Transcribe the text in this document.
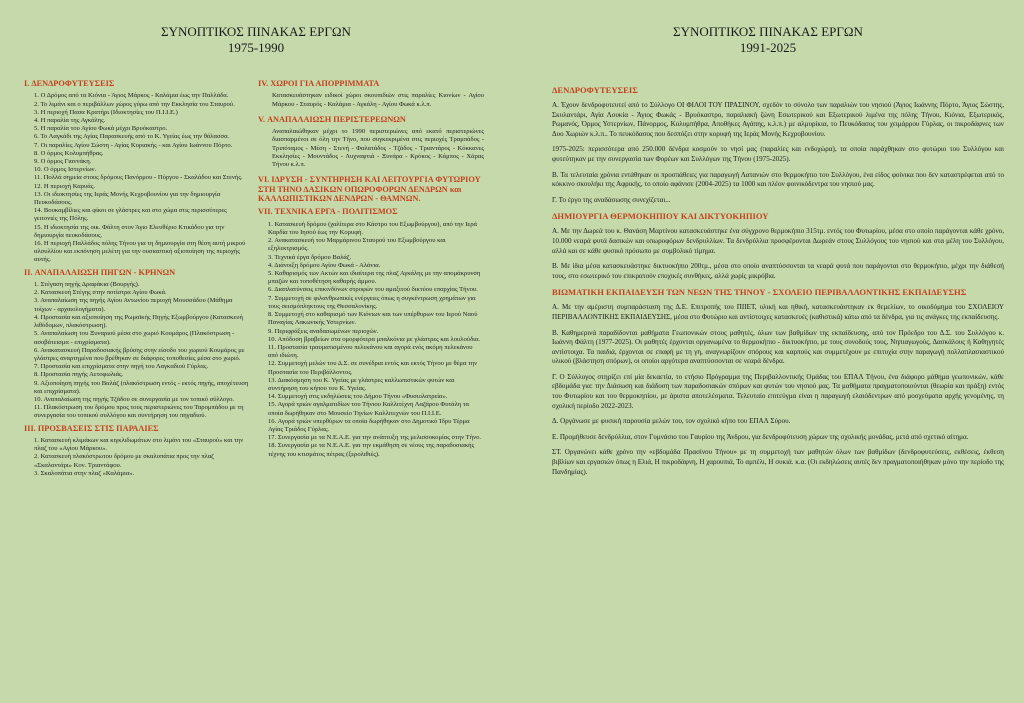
ΣΥΝΟΠΤΙΚΟΣ ΠΙΝΑΚΑΣ ΕΡΓΩΝ
1975-1990
I. ΔΕΝΔΡΟΦΥΤΕΥΣΕΙΣ
1. Ο Δρόμος από τα Κιόνια - Άγιος Μάρκος - Καλάμια έως την Παλλάδα.
2. Το λιμάνι και ο περιβάλλων χώρος γύρω από την Εκκλησία του Σταυρού.
3. Η περιοχή Πασα Κρατήρι (Ιδιοκτησίες του Π.Ι.Ι.Ε.)
4. Η παραλία της Αγκάλης.
5. Η παραλία του Αγίου Φωκά μέχρι Βρυόκαστρο.
6. Το Λαγκάδι της Αγίας Παρασκευής από το Κ. Υγείας έως την θάλασσα.
7. Οι παραλίες Αγίου Σώστη - Αγίας Κυριακής - και Αγίου Ιωάννου Πόρτο.
8. Ο όρμος Κολυμπήθρας.
9. Ο όρμος Γιαννάκη.
10. Ο όρμος Ιστερνίων.
11. Πολλά σημεία στους δρόμους Πανόρμου - Πύργου - Σκαλάδου και Στενής.
12. Η περιοχή Καρυάς.
13. Οι ιδιοκτησίες της Ιεράς Μονής Κεχροβουνίου για την δημιουργία Πευκοδάσους.
14. Βουκαμβίλιες και φίκοι σε γλάστρες και στο χώμα στις περισσότερες γειτονιές της Πόλης.
15. Η ιδιοκτησία της οικ. Φάλτη στον Άγιο Ελευθέριο Κτικάδου για την δημιουργία πευκοδάσους.
16. Η περιοχή Παλλάδος πόλης Τήνου για τη δημιουργία στη θέση αυτή μικρού αλσυλλίου και εκπόνηση μελέτη για την ουσιαστική αξιοποίηση της περιοχής αυτής.
II. ΑΝΑΠΑΛΑΙΩΣΗ ΠΗΓΩΝ - ΚΡΗΝΩΝ
1. Στέγαση πηγής Δραφάκια (Βουργής).
2. Κατασκευή Στέγης στην ποτίστρα Αγίου Φωκά.
3. Αναπαλαίωση της πηγής Αγίου Αντωνίου περιοχή Μουσσάδου (Μάθημα τοίχων - αρχαιολογήματα).
4. Προστασία και αξιοποίηση της Ρωμαϊκής Πηγής Εξωμβούργου (Κατασκευή λιθόδομων, πλακόστρωση).
5. Αναπαλαίωση του Ξυναριού μέσα στο χωριό Κουμάρος (Πλακόστρωση - ασοβάτεισμα - επιχρίσματα).
6. Ανακατασκευή Παραδοσιακής βρύσης στην είσοδο του χωριού Κουμάρος με γλάστρες αναρτημένα που βρέθηκαν σε διάφορες τοποθεσίες μέσα στο χωριό.
7. Προστασία και επιχρίσματα στην πηγή του Λαγκαδιού Γύρλας.
8. Προστασία πηγής Αετοφωλιάς.
9. Αξιοποίηση πηγής του Βαλάζ (πλακόστρωση εντός - εκτός πηγής, αποχέτευση και επιχρίσματα).
10. Αναπαλαίωση της πηγής Τζάδου σε συνεργασία με τον τοπικό σύλλογο.
11. Πλακόστρωση του δρόμου προς τους περιστεριώνες του Ταρομπάδου με τη συνεργασία του τοπικού συλλόγου και συντήρηση του πηγαδιού.
III. ΠΡΟΣΒΑΣΕΙΣ ΣΤΙΣ ΠΑΡΑΛΙΕΣ
1. Κατασκευή κλιμάκων και κιγκλιδωμάτων στο λιμάνι του «Σταυρού» και την πλαζ του «Αγίου Μάρκου».
2. Κατασκευή πλακόστρωτου δρόμου με σκαλοπάτια προς την πλαζ «Σκαλαντάρι» Κον. Τριαντάφου.
3. Σκαλοπάτια στην πλαζ «Καλάμια».
IV. ΧΩΡΟΙ ΓΙΑ ΑΠΟΡΡΙΜΜΑΤΑ
Κατασκευάστηκαν ειδικοί χώροι σκουπιδιών στις παραλίες Κιονίων - Αγίου Μάρκου - Σταυρός - Καλάμια - Αγκάλη - Αγίου Φωκά κ.λ.π.
V. ΑΝΑΠΑΛΑΙΩΣΗ ΠΕΡΙΣΤΕΡΕΩΝΩΝ
Αναπαλαιώθηκαν μέχρι το 1990 περιστεριώνες από εκατό περιστεριώνες διασπαρμένοι σε όλη την Τήνο, που συγκεκριμένα στις περιοχές Τραμπάδος - Τριπόταμος - Μέση - Στενή - Φαλατάδος - Τζάδος - Τριαντάρος - Κόκκανες Εκκλησίες - Μουντάδος - Λυχναφτιά - Ξυνάρα - Κρόκος - Κάμπος - Χάρας Τήνου κ.λ.π.
VI. ΙΔΡΥΣΗ - ΣΥΝΤΗΡΗΣΗ ΚΑΙ ΛΕΙΤΟΥΡΓΙΑ ΦΥΤΩΡΙΟΥ ΣΤΗ ΤΗΝΟ ΔΑΣΙΚΩΝ ΟΠΩΡΟΦΟΡΩΝ ΔΕΝΔΡΩΝ και ΚΑΛΛΩΠΙΣΤΙΚΩΝ ΔΕΝΔΡΩΝ - ΘΑΜΝΩΝ.
VII. ΤΕΧΝΙΚΑ ΕΡΓΑ - ΠΟΛΙΤΙΣΜΟΣ
1. Κατασκευή δρόμου (χαλίτερα στο Κάστρο του Εξωμβούργου), από την Ιερά Καρδία του Ιησού έως την Κορυφή.
2. Ανακατασκευή του Μαρμάρινου Σταυρού του Εξωμβούργου και εξηλεκτρισμός.
3. Τεχνικά έργα δρόμου Βαλάζ.
4. Διάνοιξη δρόμου Αγίου Φωκά - Αλάνια.
5. Καθαρισμός των Ακτών και ιδιαίτερα της πλαζ Αγκάλης με την απομάκρυνση μπαζών και τοποθέτηση καθαρής άμμου.
6. Διαπλατύνσεις επικινδύνων στροφών του αμαξιτού δικτύου επαρχίας Τήνου.
7. Συμμετοχή σε φιλανθρωπικές ενέργειες όπως η συγκέντρωση χρημάτων για τους σεισμόπληκτους της Θεσσαλονίκης.
8. Συμμετοχή στο καθαρισμό των Κιόνιων και των υπέρθυρων του Ιερού Ναού Παναγίας Λακωνικής Υστερνίων.
9. Περιφράξεις αναδασωμένων περιοχών.
10. Απόδοση βραβείων στα ομορφότερα μπαλκόνια με γλάστρες και λουλούδια.
11. Προστασία τραυματισμένου πελεκάνου και αγορά ενός ακόμη πελεκάνου από ιδιώτη.
12. Συμμετοχή μελών του Δ.Σ. σε συνέδρια εντός και εκτός Τήνου με θέμα την Προστασία του Περιβάλλοντος.
13. Διακόσμηση του Κ. Υγείας με γλάστρες καλλωπιστικών φυτών και συντήρηση του κήπου του Κ. Υγείας.
14. Συμμετοχή στις εκδηλώσεις του Δήμου Τήνου «Φυσιολατρεία».
15. Αγορά τριών αγαλματιδίων του Τήνιου Καλλιτέχνη Λαζάρου Φυτάλη τα οποία δωρήθηκαν στο Μουσείο Τηνίων Καλλιτεχνών του Π.Ι.Ι.Ε.
16. Αγορά τριών υπερθύρων τα οποία δωρήθηκαν στο Δημοτικό Ίδρυ Τέρμα Αγίας Τριάδος Γύρλας.
17. Συνεργασία με τα Ν.Ε.Α.Ε. για την ανάπτυξη της μελισσοκομίας στην Τήνο.
18. Συνεργασία με τα Ν.Ε.Α.Ε. για την εκμάθηση σε νέους της παραδοσιακής τέχνης του κτισμάτος πέτρας (ξερολιθιές).
ΣΥΝΟΠΤΙΚΟΣ ΠΙΝΑΚΑΣ ΕΡΓΩΝ
1991-2025
ΔΕΝΔΡΟΦΥΤΕΥΣΕΙΣ
Α. Έχουν δενδροφυτευτεί από το Σύλλογο ΟΙ ΦΙΛΟΙ ΤΟΥ ΠΡΑΣΙΝΟΥ, σχεδόν το σύνολο των παραλιών του νησιού (Άγιος Ιωάννης Πόρτο, Άγιος Σώστης, Σκυλαντάρι, Αγία Λουκία - Άγιος Φωκάς - Βρυόκαστρο, παραλιακή ζώνη Εσωτερικού και Εξωτερικού λιμένα της πόλης Τήνου, Κιόνια, Εξωτερικός, Ρωμανός, Όρμος Υστερνίων, Πάνορμος, Κολυμπήθρα, Αποθήκες Αγάπης, κ.λ.π.) με αλμυρίκια, το Πευκόδασος του χειμάρρου Γύρλας, οι πικροδάφνες των Δυο Χωριών κ.λ.π.. Το πευκόδασος που δεσπόζει στην κορυφή της Ιεράς Μονής Κεχροβουνίου.
1975-2025: περισσότερα από 250.000 δένδρα κοσμούν το νησί μας (παραλίες και ενδοχώρα), τα οποία παράχθηκαν στο φυτώριο του Συλλόγου και φυτεύτηκαν με την συνεργασία των Φορέων και Συλλόγων της Τήνου (1975-2025).
Β. Τα τελευταία χρόνια εντάθηκαν οι προσπάθειες για παραγωγή Λατανιών στο θερμοκήπιο του Συλλόγου, ένα είδος φοίνικα που δεν καταστρέφεται από το κόκκινο σκουλήκι της Αφρικής, το οποίο αφάνισε (2004-2025) τα 1000 και πλέον φοινικόδεντρα του νησιού μας.
Γ. Το έργο της αναδάσωσης συνεχίζεται...
ΔΗΜΙΟΥΡΓΙΑ ΘΕΡΜΟΚΗΠΙΟΥ ΚΑΙ ΔΙΚΤΥΟΚΗΠΙΟΥ
Α. Με την Δωρεά του κ. Θανάση Μαρτίνου κατασκευάστηκε ένα σύγχρονο θερμοκήπιο 315τμ. εντός του Φυτωρίου, μέσα στο οποίο παράγονται κάθε χρόνο, 10.000 νεαρά φυτά δασικών και οπωροφόρων δενδρυλλίων. Τα δενδρύλλια προσφέρονται Δωρεάν στους Συλλόγους του νησιού και στα μέλη του Συλλόγου, αλλά και σε κάθε φυσικό πρόσωπο με συμβολικό τίμημα.
Β. Με ίδια μέσα κατασκευάστηκε δικτυοκήπιο 200τμ., μέσα στο οποίο αναπτύσσονται τα νεαρά φυτά που παράγονται στο θερμοκήπιο, μέχρι την διάθεσή τους, στο εσωτερικό του επικρατούν εποχικές συνθήκες, αλλά χωρίς μικρόβια.
ΒΙΩΜΑΤΙΚΗ ΕΚΠΑΙΔΕΥΣΗ ΤΩΝ ΝΕΩΝ ΤΗΣ ΤΗΝΟΥ - ΣΧΟΛΕΙΟ ΠΕΡΙΒΑΛΛΟΝΤΙΚΗΣ ΕΚΠΑΙΔΕΥΣΗΣ
Α. Με την αμέριστη συμπαράσταση της Δ.Ε. Επιτροπής του ΠΙΙΕΤ, υλική και ηθική, κατασκευάστηκαν εκ θεμελίων, το οικοδόμημα του ΣΧΟΛΕΙΟΥ ΠΕΡΙΒΑΛΛΟΝΤΙΚΗΣ ΕΚΠΑΙΔΕΥΣΗΣ, μέσα στο Φυτώριο και αντίστοιχες κατασκευές (καθιστικά) κάτω από τα δένδρα, για τις ανάγκες της εκπαίδευσης.
Β. Καθημερινά παραδίδονται μαθήματα Γεωπονικών στους μαθητές, όλων των βαθμίδων της εκπαίδευσης, από τον Πρόεδρο του Δ.Σ. του Συλλόγου κ. Ιωάννη Φάλτη (1977-2025). Οι μαθητές έρχονται οργανωμένα το θερμοκήπιο - δικτυοκήπιο, με τους συνοδούς τους, Νηπιαγωγούς, Δασκάλους ή Καθηγητές αντίστοιχα. Τα παιδιά, έρχονται σε επαφή με τη γη, αναγνωρίζουν σπόρους και καρπούς και συμμετέχουν με επιτυχία στην παραγωγή πολλαπλασιαστικού υλικού (βλάστηση σπόρων), οι οποίοι αργότερα αναπτύσσονται σε νεαρά δένδρα.
Γ. Ο Σύλλογος στηρίζει επί μία δεκαετία, το ετήσιο Πρόγραμμα της Περιβαλλοντικής Ομάδας του ΕΠΑΛ Τήνου, ένα διάφορο μάθημα γεωπονικών, κάθε εβδομάδα για: την Διάσωση και διάδοση των παραδοσιακών σπόρων και φυτών του νησιού μας. Τα μαθήματα πραγματοποιούνται (θεωρία και πράξη) εντός του Φυτωρίου και του θερμοκηπίου, με άριστα αποτελέσματα. Τελευταίο επιτεύγμα είναι η παραγωγή ελαιόδεντρων από μοσχεύματα αρχής γενομένης, τη σχολική περίοδο 2022-2023.
Δ. Οργάνωσε με φυσική παρουσία μελών του, τον σχολικό κήπο του ΕΠΑΛ Σύρου.
Ε. Προμήθευσε δενδρύλλια, στον Γυμνάσιο του Γαυρίου της Άνδρου, για δενδροφύτευση χώρων της σχολικής μονάδας, μετά από σχετικό αίτημα.
ΣΤ. Οργανώνει κάθε χρόνο την «εβδομάδα Πρασίνου Τήνου» με τη συμμετοχή των μαθητών όλων των βαθμίδων (δενδροφυτεύσεις, εκθέσεις, έκθεση βιβλίων και εργασιών όπως η Ελιά, Η πικροδάφνη, Η χαρουπιά, Το αμπέλι, Η συκιά. κ.α. (Οι εκδηλώσεις αυτές δεν πραγματοποιήθηκαν μόνο την περίοδο της Πανδημίας).
